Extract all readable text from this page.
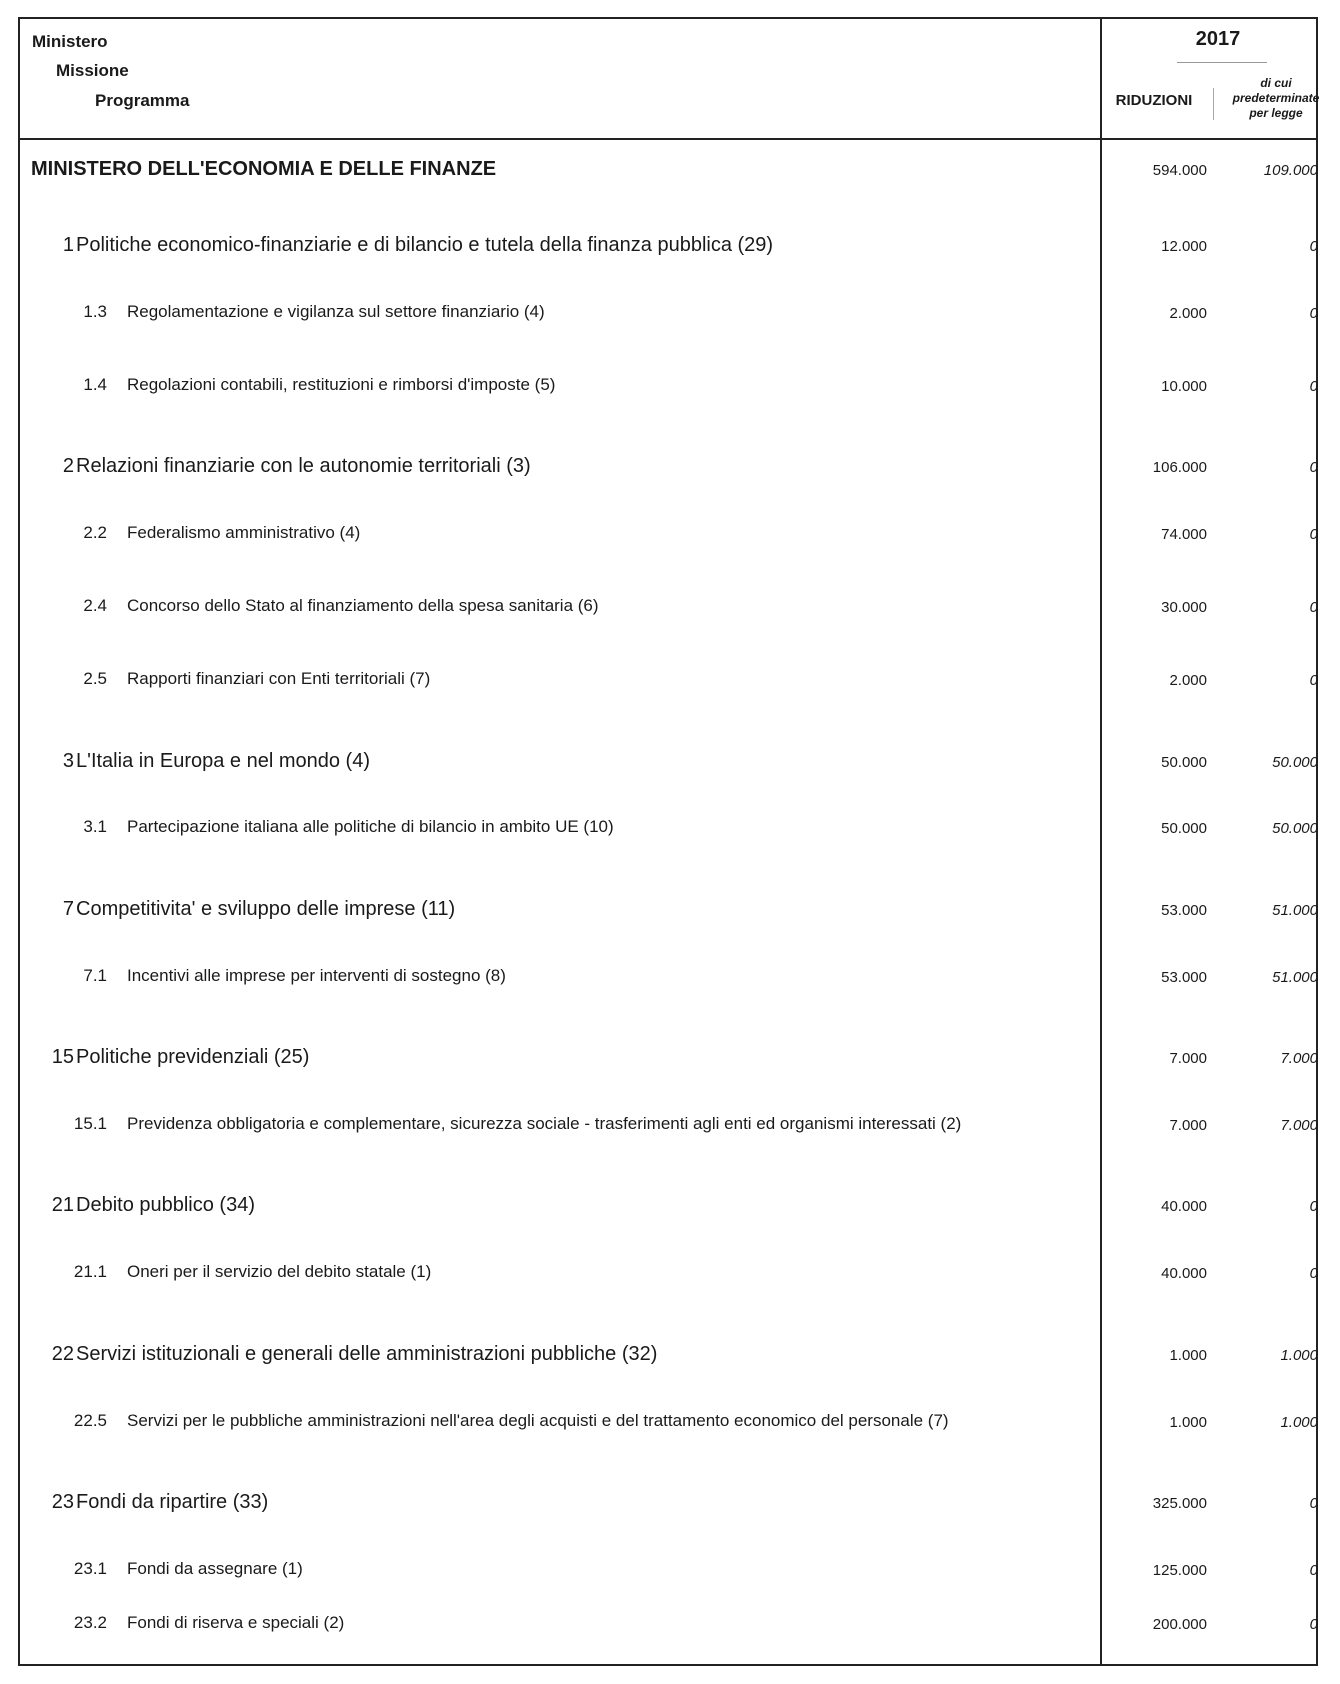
Ministero
Missione
Programma
2017
RIDUZIONI
di cui
predeterminate
per legge
MINISTERO DELL'ECONOMIA E DELLE FINANZE	594.000	109.000
1 Politiche economico-finanziarie e di bilancio e tutela della finanza pubblica (29)	12.000	0
1.3 Regolamentazione e vigilanza sul settore finanziario (4)	2.000	0
1.4 Regolazioni contabili, restituzioni e rimborsi d'imposte (5)	10.000	0
2 Relazioni finanziarie con le autonomie territoriali (3)	106.000	0
2.2 Federalismo amministrativo (4)	74.000	0
2.4 Concorso dello Stato al finanziamento della spesa sanitaria (6)	30.000	0
2.5 Rapporti finanziari con Enti territoriali (7)	2.000	0
3 L'Italia in Europa e nel mondo (4)	50.000	50.000
3.1 Partecipazione italiana alle politiche di bilancio in ambito UE (10)	50.000	50.000
7 Competitivita' e sviluppo delle imprese (11)	53.000	51.000
7.1 Incentivi alle imprese per interventi di sostegno (8)	53.000	51.000
15 Politiche previdenziali (25)	7.000	7.000
15.1 Previdenza obbligatoria e complementare, sicurezza sociale - trasferimenti agli enti ed organismi interessati (2)	7.000	7.000
21 Debito pubblico (34)	40.000	0
21.1 Oneri per il servizio del debito statale (1)	40.000	0
22 Servizi istituzionali e generali delle amministrazioni pubbliche (32)	1.000	1.000
22.5 Servizi per le pubbliche amministrazioni nell'area degli acquisti e del trattamento economico del personale (7)	1.000	1.000
23 Fondi da ripartire (33)	325.000	0
23.1 Fondi da assegnare (1)	125.000	0
23.2 Fondi di riserva e speciali (2)	200.000	0
